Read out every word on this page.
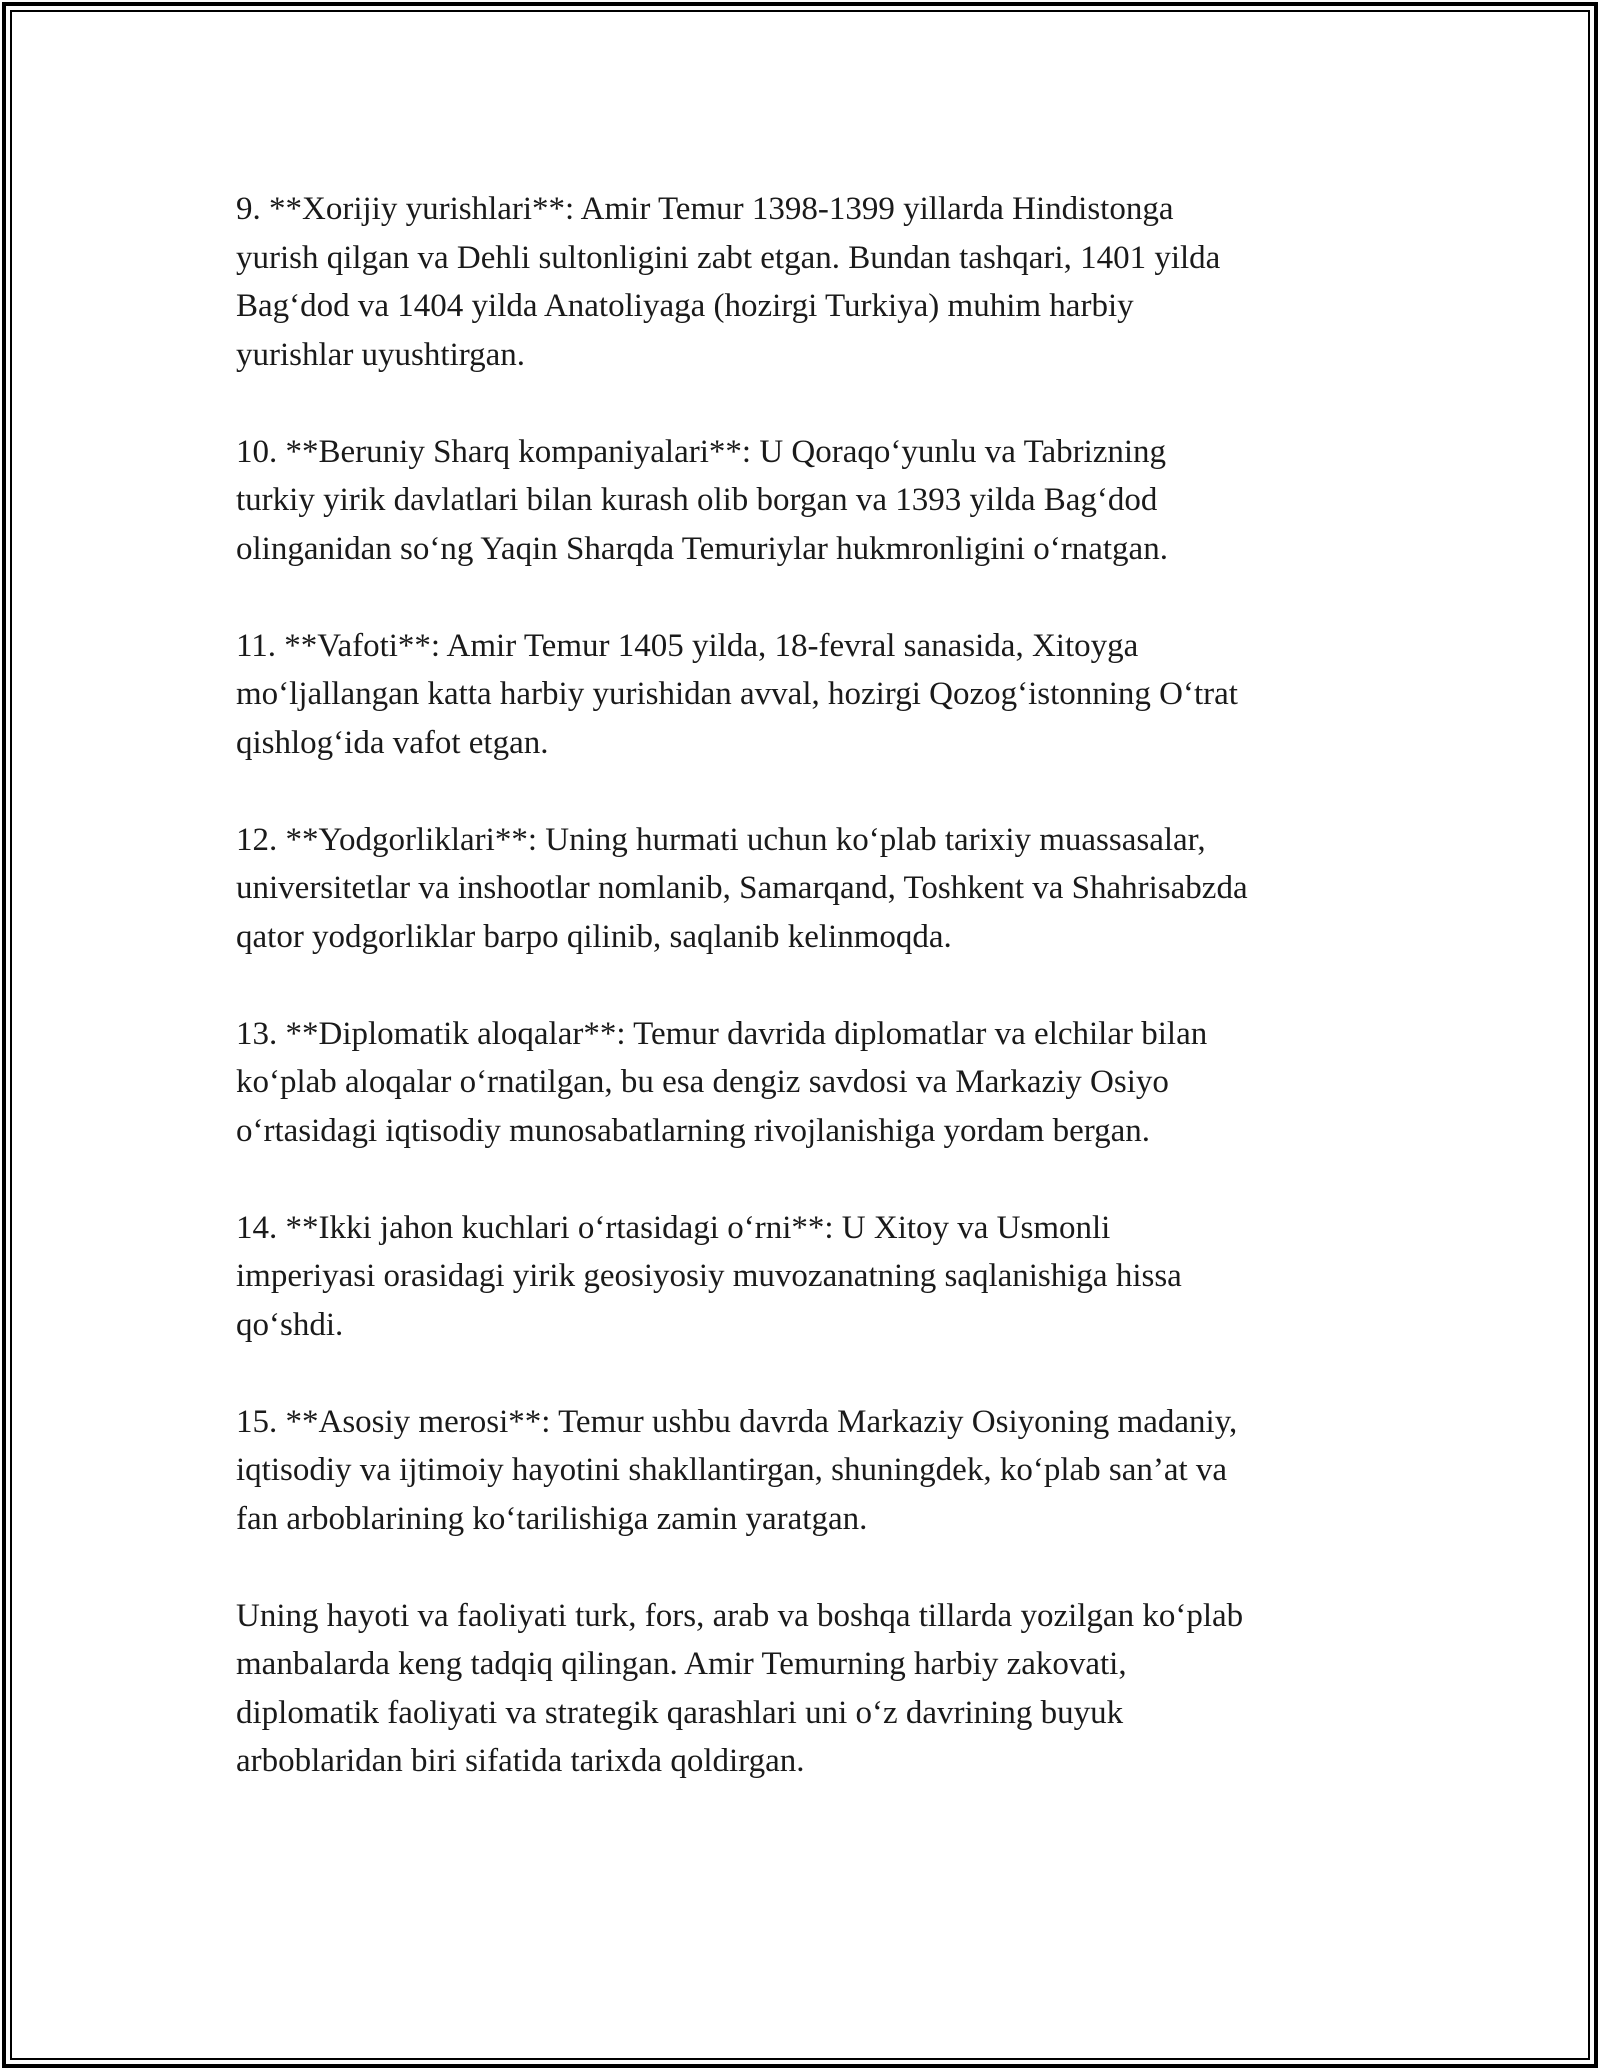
9. **Xorijiy yurishlari**: Amir Temur 1398-1399 yillarda Hindistonga
yurish qilgan va Dehli sultonligini zabt etgan. Bundan tashqari, 1401 yilda
Bag‘dod va 1404 yilda Anatoliyaga (hozirgi Turkiya) muhim harbiy
yurishlar uyushtirgan.

10. **Beruniy Sharq kompaniyalari**: U Qoraqo‘yunlu va Tabrizning
turkiy yirik davlatlari bilan kurash olib borgan va 1393 yilda Bag‘dod
olinganidan so‘ng Yaqin Sharqda Temuriylar hukmronligini o‘rnatgan.

11. **Vafoti**: Amir Temur 1405 yilda, 18-fevral sanasida, Xitoyga
mo‘ljallangan katta harbiy yurishidan avval, hozirgi Qozog‘istonning O‘trat
qishlog‘ida vafot etgan.

12. **Yodgorliklari**: Uning hurmati uchun ko‘plab tarixiy muassasalar,
universitetlar va inshootlar nomlanib, Samarqand, Toshkent va Shahrisabzda
qator yodgorliklar barpo qilinib, saqlanib kelinmoqda.

13. **Diplomatik aloqalar**: Temur davrida diplomatlar va elchilar bilan
ko‘plab aloqalar o‘rnatilgan, bu esa dengiz savdosi va Markaziy Osiyo
o‘rtasidagi iqtisodiy munosabatlarning rivojlanishiga yordam bergan.

14. **Ikki jahon kuchlari o‘rtasidagi o‘rni**: U Xitoy va Usmonli
imperiyasi orasidagi yirik geosiyosiy muvozanatning saqlanishiga hissa
qo‘shdi.

15. **Asosiy merosi**: Temur ushbu davrda Markaziy Osiyoning madaniy,
iqtisodiy va ijtimoiy hayotini shakllantirgan, shuningdek, ko‘plab san’at va
fan arboblarining ko‘tarilishiga zamin yaratgan.

Uning hayoti va faoliyati turk, fors, arab va boshqa tillarda yozilgan ko‘plab
manbalarda keng tadqiq qilingan. Amir Temurning harbiy zakovati,
diplomatik faoliyati va strategik qarashlari uni o‘z davrining buyuk
arboblaridan biri sifatida tarixda qoldirgan.
